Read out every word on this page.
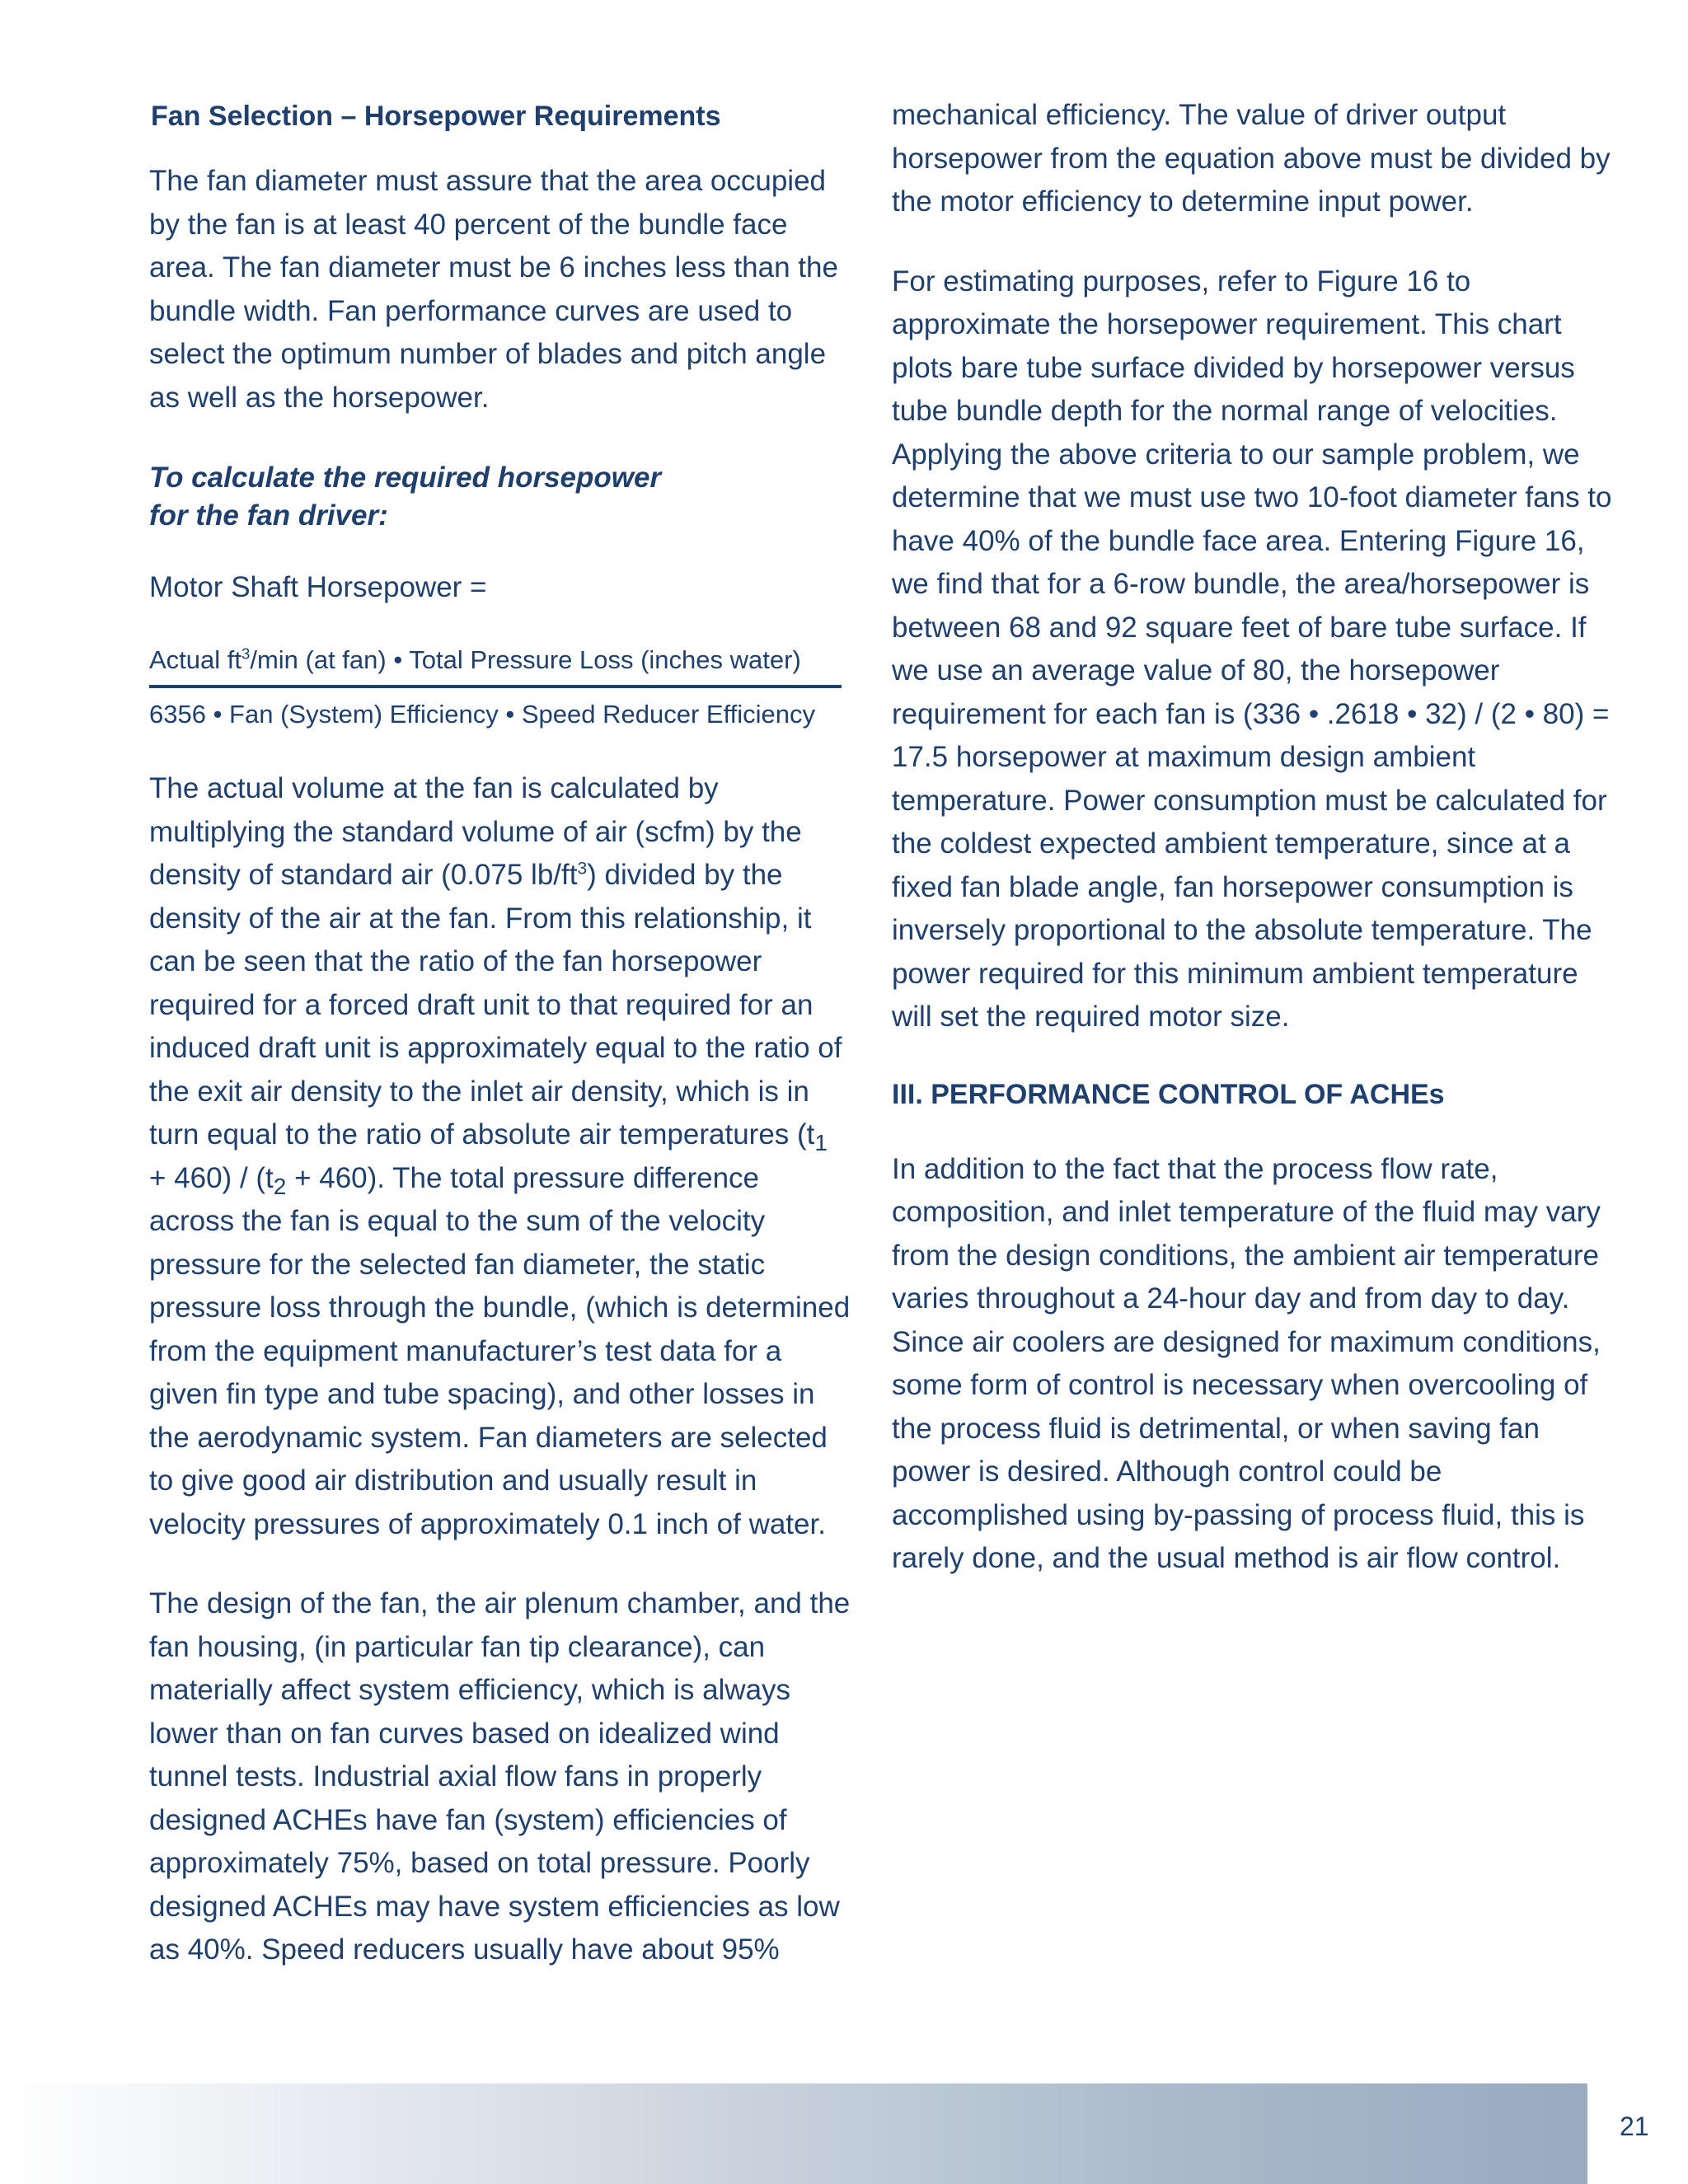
Fan Selection – Horsepower Requirements

The fan diameter must assure that the area occupied by the fan is at least 40 percent of the bundle face area. The fan diameter must be 6 inches less than the bundle width. Fan performance curves are used to select the optimum number of blades and pitch angle as well as the horsepower.

To calculate the required horsepower

for the fan driver:

Motor Shaft Horsepower =

Actual $ft^3/\min$ (at fan) • Total Pressure Loss (inches water)
6356 • Fan (System) Efficiency • Speed Reducer Efficiency

The actual volume at the fan is calculated by multiplying the standard volume of air (scfm) by the density of standard air (0.075 $lb/ft^3$) divided by the density of the air at the fan. From this relationship, it can be seen that the ratio of the fan horsepower required for a forced draft unit to that required for an induced draft unit is approximately equal to the ratio of the exit air density to the inlet air density, which is in turn equal to the ratio of absolute air temperatures $(t_1 + 460) / (t_2 + 460)$. The total pressure difference across the fan is equal to the sum of the velocity pressure for the selected fan diameter, the static pressure loss through the bundle, (which is determined from the equipment manufacturer’s test data for a given fin type and tube spacing), and other losses in the aerodynamic system. Fan diameters are selected to give good air distribution and usually result in velocity pressures of approximately 0.1 inch of water.

The design of the fan, the air plenum chamber, and the fan housing, (in particular fan tip clearance), can materially affect system efficiency, which is always lower than on fan curves based on idealized wind tunnel tests. Industrial axial flow fans in properly designed ACHEs have fan (system) efficiencies of approximately 75%, based on total pressure. Poorly designed ACHEs may have system efficiencies as low as 40%. Speed reducers usually have about 95%

mechanical efficiency. The value of driver output horsepower from the equation above must be divided by the motor efficiency to determine input power.

For estimating purposes, refer to Figure 16 to approximate the horsepower requirement. This chart plots bare tube surface divided by horsepower versus tube bundle depth for the normal range of velocities. Applying the above criteria to our sample problem, we determine that we must use two 10-foot diameter fans to have 40% of the bundle face area. Entering Figure 16, we find that for a 6-row bundle, the area/horsepower is between 68 and 92 square feet of bare tube surface. If we use an average value of 80, the horsepower requirement for each fan is (336 • .2618 • 32) / (2 • 80) = 17.5 horsepower at maximum design ambient temperature. Power consumption must be calculated for the coldest expected ambient temperature, since at a fixed fan blade angle, fan horsepower consumption is inversely proportional to the absolute temperature. The power required for this minimum ambient temperature will set the required motor size.

III. PERFORMANCE CONTROL OF ACHEs

In addition to the fact that the process flow rate, composition, and inlet temperature of the fluid may vary from the design conditions, the ambient air temperature varies throughout a 24-hour day and from day to day. Since air coolers are designed for maximum conditions, some form of control is necessary when overcooling of the process fluid is detrimental, or when saving fan power is desired. Although control could be accomplished using by-passing of process fluid, this is rarely done, and the usual method is air flow control.

21
